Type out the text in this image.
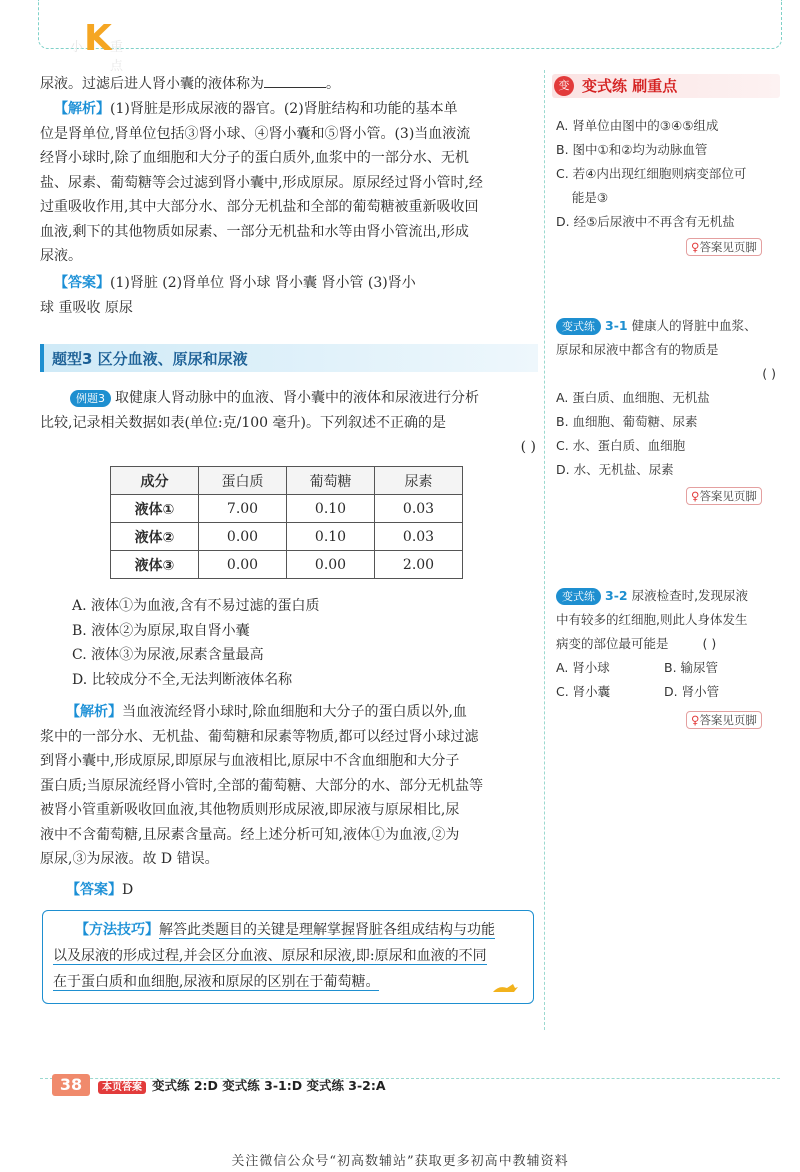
小 K
重点
尿液。过滤后进人肾小囊的液体称为	。
【解析】(1)肾脏是形成尿液的器官。(2)肾脏结构和功能的基本单
位是肾单位,肾单位包括③肾小球、④肾小囊和⑤肾小管。(3)当血液流
经肾小球时,除了血细胞和大分子的蛋白质外,血浆中的一部分水、无机
盐、尿素、葡萄糖等会过滤到肾小囊中,形成原尿。原尿经过肾小管时,经
过重吸收作用,其中大部分水、部分无机盐和全部的葡萄糖被重新吸收回
血液,剩下的其他物质如尿素、一部分无机盐和水等由肾小管流出,形成
尿液。
【答案】(1)肾脏 (2)肾单位 肾小球 肾小囊 肾小管 (3)肾小
球 重吸收 原尿
题型3 区分血液、原尿和尿液
例题3 取健康人肾动脉中的血液、肾小囊中的液体和尿液进行分析
比较,记录相关数据如表(单位:克/100 毫升)。下列叙述不正确的是
( )
成分	蛋白质	葡萄糖	尿素
液体①	7.00	0.10	0.03
液体②	0.00	0.10	0.03
液体③	0.00	0.00	2.00
A. 液体①为血液,含有不易过滤的蛋白质
B. 液体②为原尿,取自肾小囊
C. 液体③为尿液,尿素含量最高
D. 比较成分不全,无法判断液体名称
【解析】当血液流经肾小球时,除血细胞和大分子的蛋白质以外,血
浆中的一部分水、无机盐、葡萄糖和尿素等物质,都可以经过肾小球过滤
到肾小囊中,形成原尿,即原尿与血液相比,原尿中不含血细胞和大分子
蛋白质;当原尿流经肾小管时,全部的葡萄糖、大部分的水、部分无机盐等
被肾小管重新吸收回血液,其他物质则形成尿液,即尿液与原尿相比,尿
液中不含葡萄糖,且尿素含量高。经上述分析可知,液体①为血液,②为
原尿,③为尿液。故 D 错误。
【答案】D
【方法技巧】解答此类题目的关键是理解掌握肾脏各组成结构与功能
以及尿液的形成过程,并会区分血液、原尿和尿液,即:原尿和血液的不同
在于蛋白质和血细胞,尿液和原尿的区别在于葡萄糖。
变 变式练 刷重点
A. 肾单位由图中的③④⑤组成
B. 图中①和②均为动脉血管
C. 若④内出现红细胞则病变部位可
能是③
D. 经⑤后尿液中不再含有无机盐
♀答案见页脚
变式练 3-1 健康人的肾脏中血浆、
原尿和尿液中都含有的物质是
( )
A. 蛋白质、血细胞、无机盐
B. 血细胞、葡萄糖、尿素
C. 水、蛋白质、血细胞
D. 水、无机盐、尿素
♀答案见页脚
变式练 3-2 尿液检查时,发现尿液
中有较多的红细胞,则此人身体发生
病变的部位最可能是	( )
A. 肾小球	B. 输尿管
C. 肾小囊	D. 肾小管
♀答案见页脚
38	本页答案 变式练 2:D 变式练 3-1:D 变式练 3-2:A
关注微信公众号“初高数辅站”获取更多初高中教辅资料
